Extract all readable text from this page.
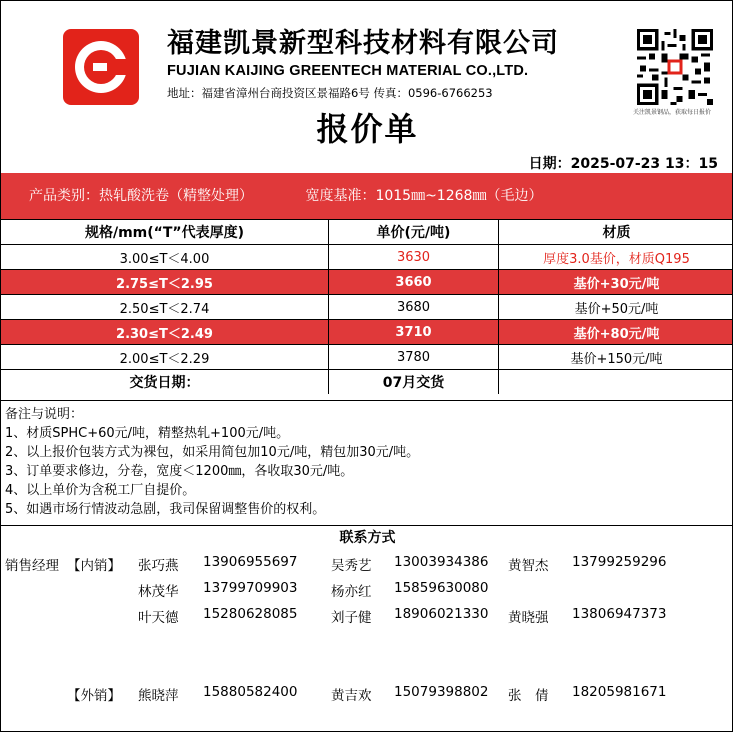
福建凯景新型科技材料有限公司
FUJIAN KAIJING GREENTECH MATERIAL CO.,LTD.
地址：福建省漳州台商投资区景福路6号 传真：0596-6766253
关注凯景钢品，获取每日报价
报价单
日期：2025-07-23 13：15
产品类别：热轧酸洗卷（精整处理）	宽度基准：1015㎜~1268㎜（毛边）
规格/mm(“T”代表厚度)	单价(元/吨)	材质
3.00≤T＜4.00	3630	厚度3.0基价，材质Q195
2.75≤T＜2.95	3660	基价+30元/吨
2.50≤T＜2.74	3680	基价+50元/吨
2.30≤T＜2.49	3710	基价+80元/吨
2.00≤T＜2.29	3780	基价+150元/吨
交货日期：	07月交货
备注与说明：
1、材质SPHC+60元/吨，精整热轧+100元/吨。
2、以上报价包装方式为裸包，如采用简包加10元/吨，精包加30元/吨。
3、订单要求修边，分卷，宽度＜1200㎜，各收取30元/吨。
4、以上单价为含税工厂自提价。
5、如遇市场行情波动急剧，我司保留调整售价的权利。
联系方式
销售经理 【内销】 张巧燕 13906955697 吴秀艺 13003934386 黄智杰 13799259296
林茂华 13799709903 杨亦红 15859630080
叶天德 15280628085 刘子健 18906021330 黄晓强 13806947373
【外销】 熊晓萍 15880582400 黄吉欢 15079398802 张　倩 18205981671
